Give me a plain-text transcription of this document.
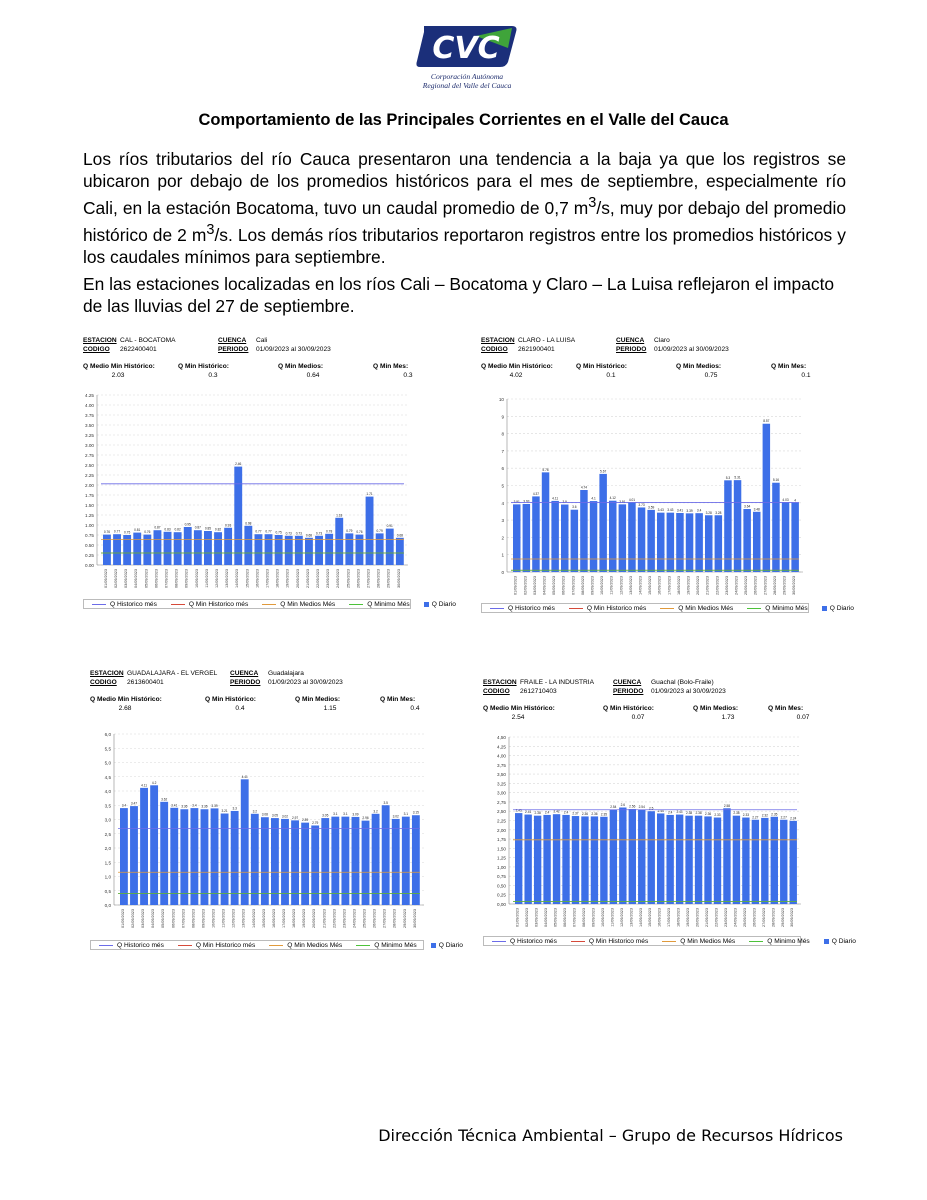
CVC
Corporación Autónoma
Regional del Valle del Cauca
Comportamiento de las Principales Corrientes en el Valle del Cauca
Los ríos tributarios del río Cauca presentaron una tendencia a la baja ya que los registros se ubicaron por debajo de los promedios históricos para el mes de septiembre, especialmente río Cali, en la estación Bocatoma, tuvo un caudal promedio de 0,7 $m^3/s$, muy por debajo del promedio histórico de 2 $m^3/s$. Los demás ríos tributarios reportaron registros entre los promedios históricos y los caudales mínimos para septiembre.
En las estaciones localizadas en los ríos Cali – Bocatoma y Claro – La Luisa reflejaron el impacto de las lluvias del 27 de septiembre.
ESTACION CAL - BOCATOMA	CUENCA Cali
CODIGO 2622400401	PERIODO 01/09/2023 al 30/09/2023
Q Medio Min Histórico:
2.03
Q Min Histórico:
0.3
Q Min Medios:
0.64
Q Min Mes:
0.3
4.25
4.00
3.75
3.50
3.25
3.00
2.75
2.50
2.25
2.00
1.75
1.50
1.25
1.00
0.75
0.50
0.25
0.00
0.76
01/09/2023
0.77
02/09/2023
0.75
03/09/2023
0.81
04/09/2023
0.76
05/09/2023
0.87
06/09/2023
0.83
07/09/2023
0.82
08/09/2023
0.95
09/09/2023
0.87
10/09/2023
0.85
11/09/2023
0.82
12/09/2023
0.93
13/09/2023
2.46
14/09/2023
0.98
15/09/2023
0.77
16/09/2023
0.77
17/09/2023
0.75
18/09/2023
0.73
19/09/2023
0.73
20/09/2023
0.68
21/09/2023
0.73
22/09/2023
0.78
23/09/2023
1.18
24/09/2023
0.79
25/09/2023
0.76
26/09/2023
1.71
27/09/2023
0.79
28/09/2023
0.91
29/09/2023
0.68
30/09/2023
Q Historico més	Q Min Historico més	Q Min Medios Més	Q Minimo Més	Q Diario
ESTACION CLARO - LA LUISA	CUENCA Claro
CODIGO 2621900401	PERIODO 01/09/2023 al 30/09/2023
Q Medio Min Histórico:
4.02
Q Min Histórico:
0.1
Q Min Medios:
0.75
Q Min Mes:
0.1
10
9
8
7
6
5
4
3
2
1
0
3.91
01/09/2023
3.93
02/09/2023
4.37
03/09/2023
5.76
04/09/2023
4.11
05/09/2023
3.9
06/09/2023
3.6
07/09/2023
4.74
08/09/2023
4.1
09/09/2023
5.67
10/09/2023
4.12
11/09/2023
3.91
12/09/2023
4.01
13/09/2023
3.73
14/09/2023
3.59
15/09/2023
3.43
16/09/2023
3.43
17/09/2023
3.41
18/09/2023
3.39
19/09/2023
3.4
20/09/2023
3.28
21/09/2023
3.28
22/09/2023
5.3
23/09/2023
5.31
24/09/2023
3.64
25/09/2023
3.48
26/09/2023
8.57
27/09/2023
5.16
28/09/2023
4.03
29/09/2023
4
30/09/2023
Q Historico més	Q Min Historico més	Q Min Medios Més	Q Minimo Més	Q Diario
ESTACION GUADALAJARA - EL VERGEL CUENCA Guadalajara
CODIGO 2613600401	PERIODO 01/09/2023 al 30/09/2023
Q Medio Min Histórico:
2.68
Q Min Histórico:
0.4
Q Min Medios:
1.15
Q Min Mes:
0.4
6,0
5,5
5,0
4,5
4,0
3,5
3,0
2,5
2,0
1,5
1,0
0,5
0,0
3.4
01/09/2023
3.47
02/09/2023
4.11
03/09/2023
4.2
04/09/2023
3.62
05/09/2023
3.41
06/09/2023
3.36
07/09/2023
3.4
08/09/2023
3.36
09/09/2023
3.39
10/09/2023
3.21
11/09/2023
3.3
12/09/2023
4.41
13/09/2023
3.2
14/09/2023
3.08
15/09/2023
3.05
16/09/2023
3.02
17/09/2023
2.97
18/09/2023
2.89
19/09/2023
2.79
20/09/2023
3.05
21/09/2023
3.1
22/09/2023
3.1
23/09/2023
3.09
24/09/2023
2.96
25/09/2023
3.2
26/09/2023
3.5
27/09/2023
3.02
28/09/2023
3.1
29/09/2023
3.15
30/09/2023
Q Historico més	Q Min Historico més	Q Min Medios Més	Q Minimo Més	Q Diario
ESTACION FRAILE - LA INDUSTRIA	CUENCA Guachal (Bolo-Fraile)
CODIGO 2612710403	PERIODO 01/09/2023 al 30/09/2023
Q Medio Min Histórico:
2.54
Q Min Histórico:
0.07
Q Min Medios:
1.73
Q Min Mes:
0.07
4,50
4,25
4,00
3,75
3,50
3,25
3,00
2,75
2,50
2,25
2,00
1,75
1,50
1,25
1,00
0,75
0,50
0,25
0,00
2.45
01/09/2023
2.41
02/09/2023
2.38
03/09/2023
2.4
04/09/2023
2.42
05/09/2023
2.4
06/09/2023
2.37
07/09/2023
2.36
08/09/2023
2.36
09/09/2023
2.35
10/09/2023
2.54
11/09/2023
2.6
12/09/2023
2.56
13/09/2023
2.54
14/09/2023
2.5
15/09/2023
2.44
16/09/2023
2.4
17/09/2023
2.41
18/09/2023
2.38
19/09/2023
2.38
20/09/2023
2.36
21/09/2023
2.33
22/09/2023
2.58
23/09/2023
2.38
24/09/2023
2.33
25/09/2023
2.27
26/09/2023
2.32
27/09/2023
2.35
28/09/2023
2.27
29/09/2023
2.24
30/09/2023
Q Historico més	Q Min Historico més	Q Min Medios Més	Q Minimo Més	Q Diario
Dirección Técnica Ambiental – Grupo de Recursos Hídricos
